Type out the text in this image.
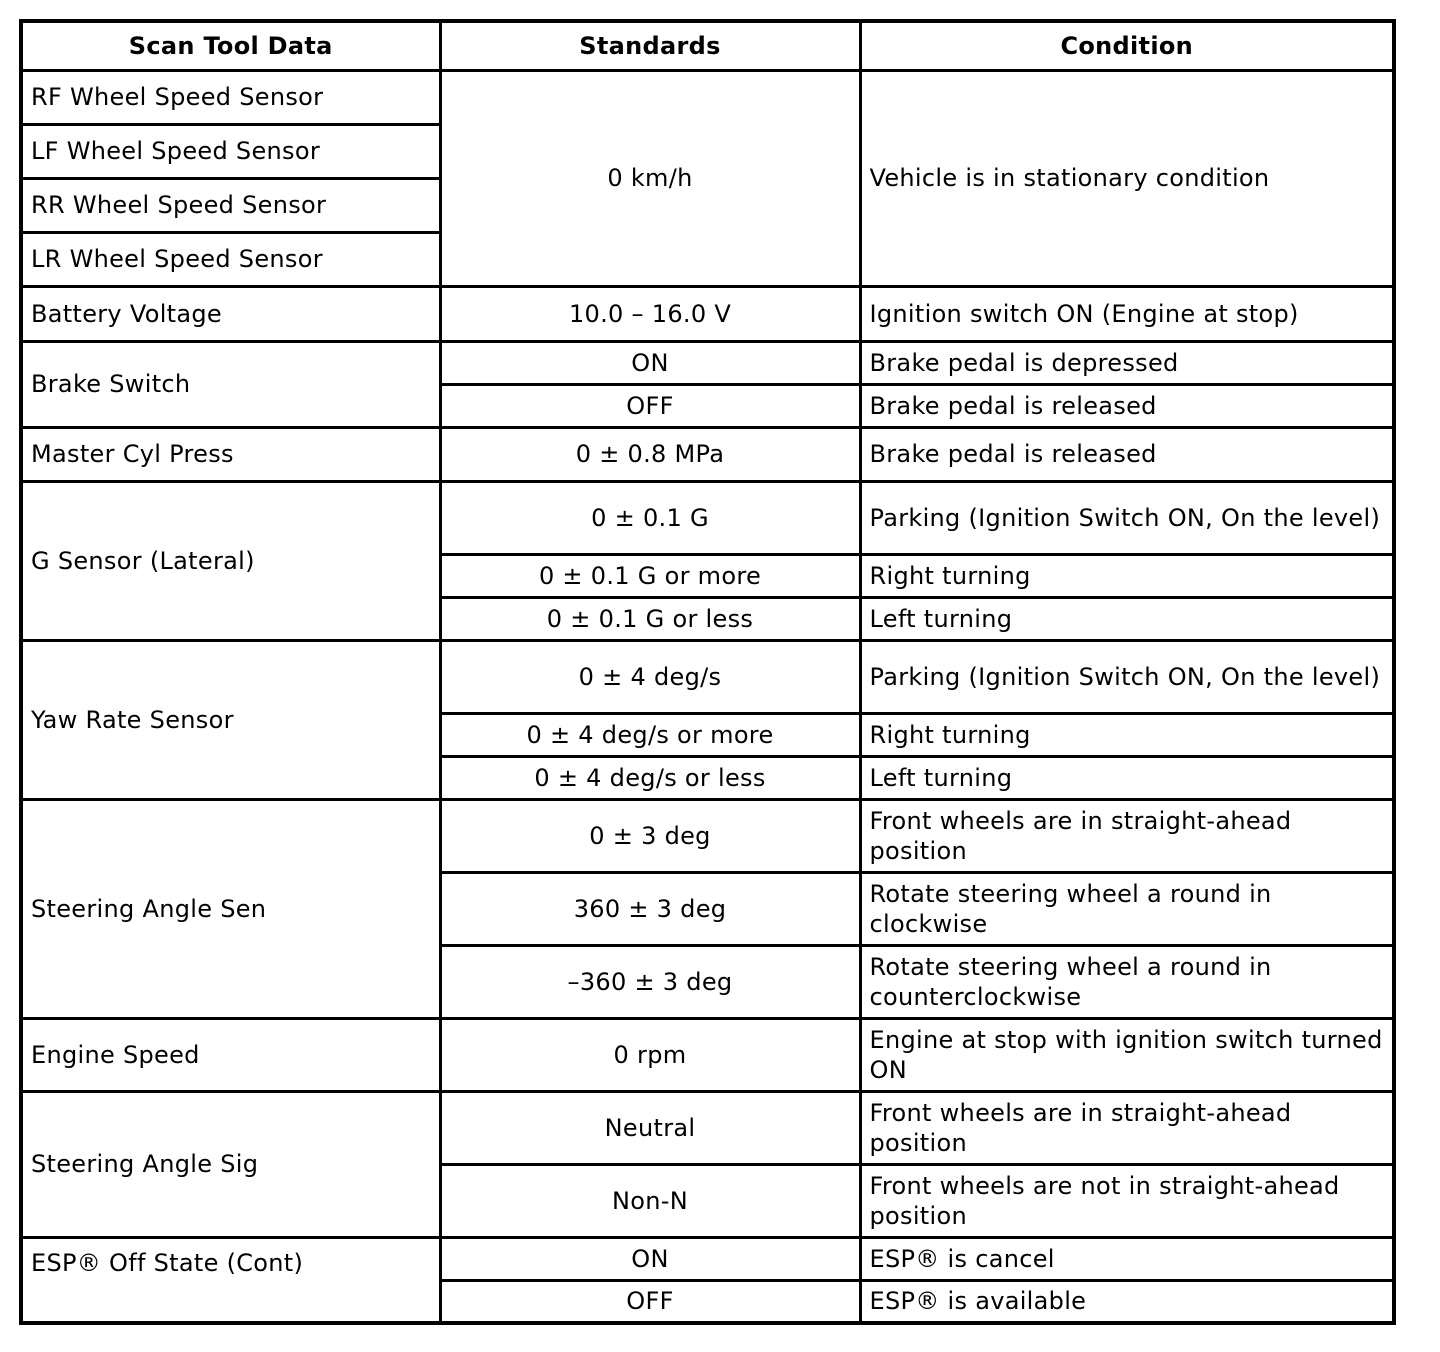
Scan Tool Data	Standards	Condition
RF Wheel Speed Sensor	0 km/h	Vehicle is in stationary condition
LF Wheel Speed Sensor		
RR Wheel Speed Sensor		
LR Wheel Speed Sensor		
Battery Voltage	10.0 – 16.0 V	Ignition switch ON (Engine at stop)
Brake Switch	ON	Brake pedal is depressed
	OFF	Brake pedal is released
Master Cyl Press	0 ± 0.8 MPa	Brake pedal is released
G Sensor (Lateral)	0 ± 0.1 G	Parking (Ignition Switch ON, On the level)
	0 ± 0.1 G or more	Right turning
	0 ± 0.1 G or less	Left turning
Yaw Rate Sensor	0 ± 4 deg/s	Parking (Ignition Switch ON, On the level)
	0 ± 4 deg/s or more	Right turning
	0 ± 4 deg/s or less	Left turning
Steering Angle Sen	0 ± 3 deg	Front wheels are in straight-ahead position
	360 ± 3 deg	Rotate steering wheel a round in clockwise
	–360 ± 3 deg	Rotate steering wheel a round in counterclockwise
Engine Speed	0 rpm	Engine at stop with ignition switch turned ON
Steering Angle Sig	Neutral	Front wheels are in straight-ahead position
	Non-N	Front wheels are not in straight-ahead position
ESP® Off State (Cont)	ON	ESP® is cancel
	OFF	ESP® is available
